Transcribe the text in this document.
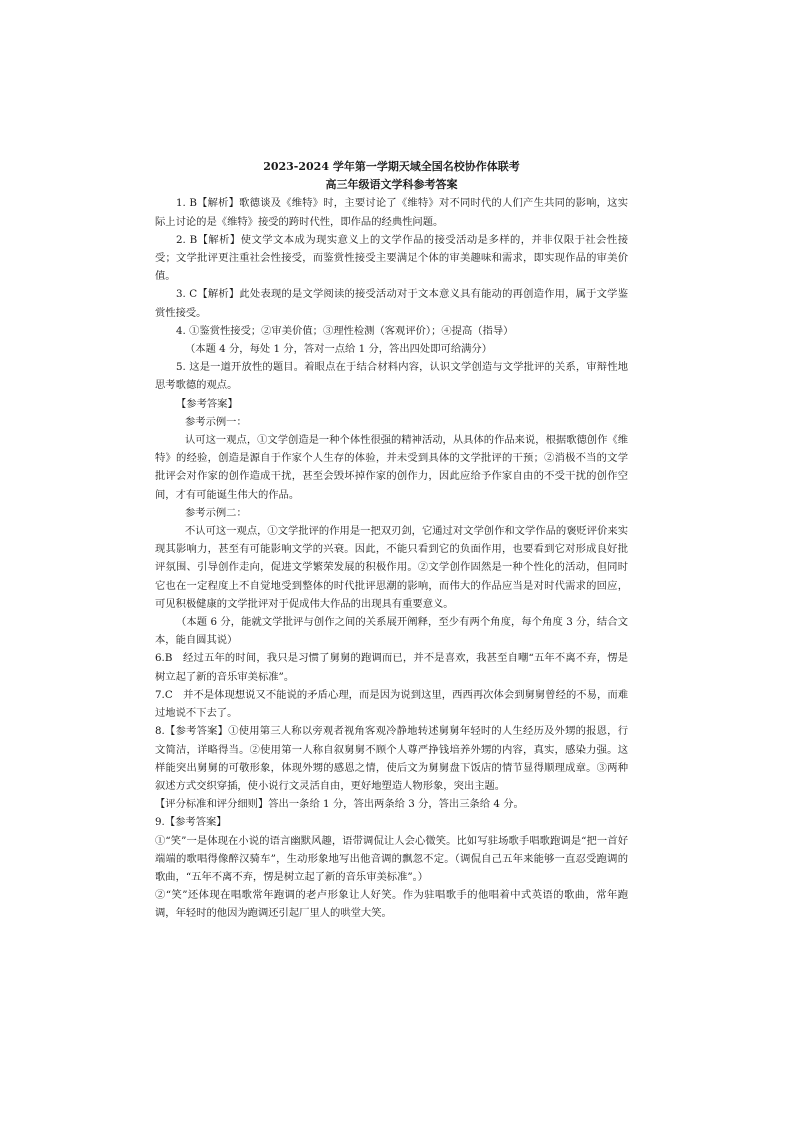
2023-2024 学年第一学期天域全国名校协作体联考
高三年级语文学科参考答案

1. B【解析】歌德谈及《维特》时，主要讨论了《维特》对不同时代的人们产生共同的影响，这实际上讨论的是《维特》接受的跨时代性，即作品的经典性问题。

2. B【解析】使文学文本成为现实意义上的文学作品的接受活动是多样的，并非仅限于社会性接受；文学批评更注重社会性接受，而鉴赏性接受主要满足个体的审美趣味和需求，即实现作品的审美价值。

3. C【解析】此处表现的是文学阅读的接受活动对于文本意义具有能动的再创造作用，属于文学鉴赏性接受。

4. ①鉴赏性接受；②审美价值；③理性检测（客观评价）；④提高（指导）

（本题 4 分，每处 1 分，答对一点给 1 分，答出四处即可给满分）

5. 这是一道开放性的题目。着眼点在于结合材料内容，认识文学创造与文学批评的关系，审辩性地思考歌德的观点。

【参考答案】

参考示例一：

认可这一观点，①文学创造是一种个体性很强的精神活动，从具体的作品来说，根据歌德创作《维特》的经验，创造是源自于作家个人生存的体验，并未受到具体的文学批评的干预；②消极不当的文学批评会对作家的创作造成干扰，甚至会毁坏掉作家的创作力，因此应给予作家自由的不受干扰的创作空间，才有可能诞生伟大的作品。

参考示例二：

不认可这一观点，①文学批评的作用是一把双刃剑，它通过对文学创作和文学作品的褒贬评价来实现其影响力，甚至有可能影响文学的兴衰。因此，不能只看到它的负面作用，也要看到它对形成良好批评氛围、引导创作走向，促进文学繁荣发展的积极作用。②文学创作固然是一种个性化的活动，但同时它也在一定程度上不自觉地受到整体的时代批评思潮的影响，而伟大的作品应当是对时代需求的回应，可见积极健康的文学批评对于促成伟大作品的出现具有重要意义。

（本题 6 分，能就文学批评与创作之间的关系展开阐释，至少有两个角度，每个角度 3 分，结合文本，能自圆其说）

6.B　经过五年的时间，我只是习惯了舅舅的跑调而已，并不是喜欢，我甚至自嘲“五年不离不弃，愣是树立起了新的音乐审美标准”。

7.C　并不是体现想说又不能说的矛盾心理，而是因为说到这里，西西再次体会到舅舅曾经的不易，而难过地说不下去了。

8.【参考答案】①使用第三人称以旁观者视角客观冷静地转述舅舅年轻时的人生经历及外甥的报恩，行文简洁，详略得当。②使用第一人称自叙舅舅不顾个人尊严挣钱培养外甥的内容，真实，感染力强。这样能突出舅舅的可敬形象，体现外甥的感恩之情，使后文为舅舅盘下饭店的情节显得顺理成章。③两种叙述方式交织穿插，使小说行文灵活自由，更好地塑造人物形象，突出主题。

【评分标准和评分细则】答出一条给 1 分，答出两条给 3 分，答出三条给 4 分。

9.【参考答案】

①“笑”一是体现在小说的语言幽默风趣，语带调侃让人会心微笑。比如写驻场歌手唱歌跑调是“把一首好端端的歌唱得像醉汉骑车”，生动形象地写出他音调的飘忽不定。（调侃自己五年来能够一直忍受跑调的歌曲，“五年不离不弃，愣是树立起了新的音乐审美标准”。）

②“笑”还体现在唱歌常年跑调的老卢形象让人好笑。作为驻唱歌手的他唱着中式英语的歌曲，常年跑调，年轻时的他因为跑调还引起厂里人的哄堂大笑。
